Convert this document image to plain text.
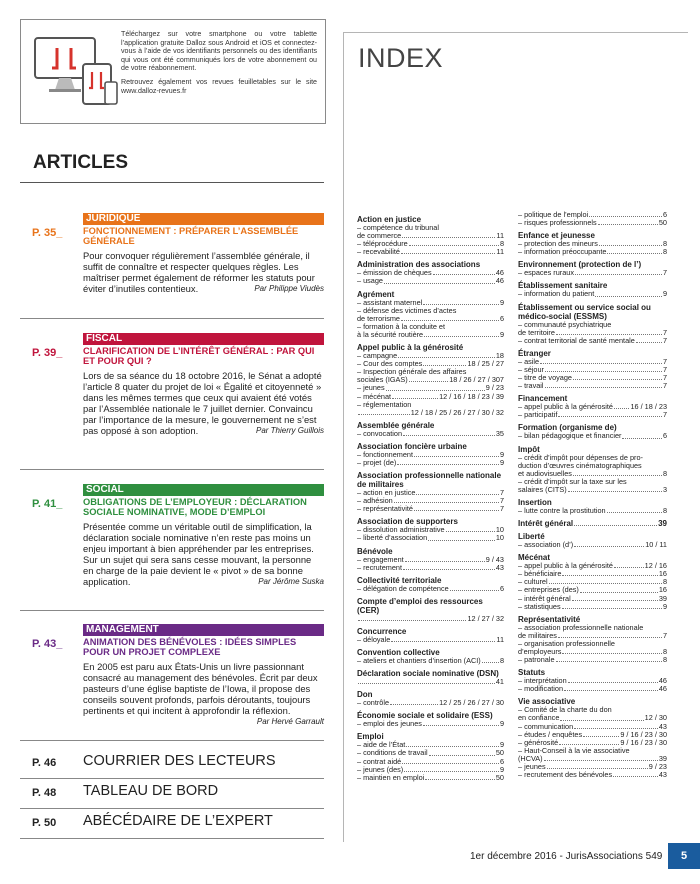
Téléchargez sur votre smartphone ou votre tablette l’application gratuite Dalloz sous Android et iOS et connectez-vous à l’aide de vos identifiants personnels ou des identifiants qui vous ont été communiqués lors de votre abonnement ou de votre réabonnement.

Retrouvez également vos revues feuilletables sur le site www.dalloz-revues.fr

INDEX
ARTICLES
P. 35_
JURIDIQUE
FONCTIONNEMENT : PRÉPARER L’ASSEMBLÉE GÉNÉRALE
Pour convoquer régulièrement l’assemblée générale, il suffit de connaître et respecter quelques règles. Les maîtriser permet également de réformer les statuts pour éviter d’inutiles contentieux.	Par Philippe Viudès
P. 39_
FISCAL
CLARIFICATION DE L’INTÉRÊT GÉNÉRAL : PAR QUI ET POUR QUI ?
Lors de sa séance du 18 octobre 2016, le Sénat a adopté l’article 8 quater du projet de loi « Égalité et citoyenneté » dans les mêmes termes que ceux qui avaient été votés par l’Assemblée nationale le 7 juillet dernier. Convaincu par l’importance de la mesure, le gouvernement ne s’est pas opposé à son adoption.	Par Thierry Guillois
P. 41_
SOCIAL
OBLIGATIONS DE L’EMPLOYEUR : DÉCLARATION SOCIALE NOMINATIVE, MODE D’EMPLOI
Présentée comme un véritable outil de simplification, la déclaration sociale nominative n’en reste pas moins un enjeu important à bien appréhender par les entreprises. Sur un sujet qui sera sans cesse mouvant, la personne en charge de la paie devient le « pivot » de sa bonne application.	Par Jérôme Suska
P. 43_
MANAGEMENT
ANIMATION DES BÉNÉVOLES : IDÉES SIMPLES POUR UN PROJET COMPLEXE
En 2005 est paru aux États-Unis un livre passionnant consacré au management des bénévoles. Écrit par deux pasteurs d’une église baptiste de l’Iowa, il propose des conseils souvent profonds, parfois déroutants, toujours pertinents et qui incitent à approfondir la réflexion.
Par Hervé Garrault
P. 46 COURRIER DES LECTEURS
P. 48 TABLEAU DE BORD
P. 50 ABÉCÉDAIRE DE L’EXPERT
Action en justice
– compétence du tribunal
de commerce	11
– téléprocédure	8
– recevabilité	11
Administration des associations
– émission de chèques	46
– usage	46
Agrément
– assistant maternel	9
– défense des victimes d’actes
de terrorisme	6
– formation à la conduite et
à la sécurité routière	9
Appel public à la générosité
– campagne	18
– Cour des comptes	18 / 25 / 27
– Inspection générale des affaires
sociales (IGAS)	18 / 26 / 27 / 307
– jeunes	9 / 23
– mécénat	12 / 16 / 18 / 23 / 39
– réglementation
12 / 18 / 25 / 26 / 27 / 30 / 32
Assemblée générale
– convocation	35
Association foncière urbaine
– fonctionnement	9
– projet (de)	9
Association professionnelle nationale de militaires
– action en justice	7
– adhésion	7
– représentativité	7
Association de supporters
– dissolution administrative	10
– liberté d’association	10
Bénévole
– engagement	9 / 43
– recrutement	43
Collectivité territoriale
– délégation de compétence	6
Compte d’emploi des ressources (CER)
12 / 27 / 32
Concurrence
– déloyale	11
Convention collective
– ateliers et chantiers d’insertion (ACI)	8
Déclaration sociale nominative (DSN)
41
Don
– contrôle	12 / 25 / 26 / 27 / 30
Économie sociale et solidaire (ESS)
– emploi des jeunes	9
Emploi
– aide de l’État	9
– conditions de travail	50
– contrat aidé	6
– jeunes (des)	9
– maintien en emploi	50
– politique de l’emploi	6
– risques professionnels	50
Enfance et jeunesse
– protection des mineurs	8
– information préoccupante	8
Environnement (protection de l’)
– espaces ruraux	7
Établissement sanitaire
– information du patient	9
Établissement ou service social ou médico-social (ESSMS)
– communauté psychiatrique
de territoire	7
– contrat territorial de santé mentale	7
Étranger
– asile	7
– séjour	7
– titre de voyage	7
– travail	7
Financement
– appel public à la générosité 16 / 18 / 23
– participatif	7
Formation (organisme de)
– bilan pédagogique et financier	6
Impôt
– crédit d’impôt pour dépenses de pro-
duction d’œuvres cinématographiques
et audiovisuelles	8
– crédit d’impôt sur la taxe sur les
salaires (CITS)	3
Insertion
– lutte contre la prostitution	8
Intérêt général	39
Liberté
– association (d’)	10 / 11
Mécénat
– appel public à la générosité	12 / 16
– bénéficiaire	16
– culturel	8
– entreprises (des)	16
– intérêt général	39
– statistiques	9
Représentativité
– association professionnelle nationale
de militaires	7
– organisation professionnelle
d’employeurs	8
– patronale	8
Statuts
– interprétation	46
– modification	46
Vie associative
– Comité de la charte du don
en confiance	12 / 30
– communication	43
– études / enquêtes	9 / 16 / 23 / 30
– générosité	9 / 16 / 23 / 30
– Haut-Conseil à la vie associative
(HCVA)	39
– jeunes	9 / 23
– recrutement des bénévoles	43
1er décembre 2016 - JurisAssociations 549	5
